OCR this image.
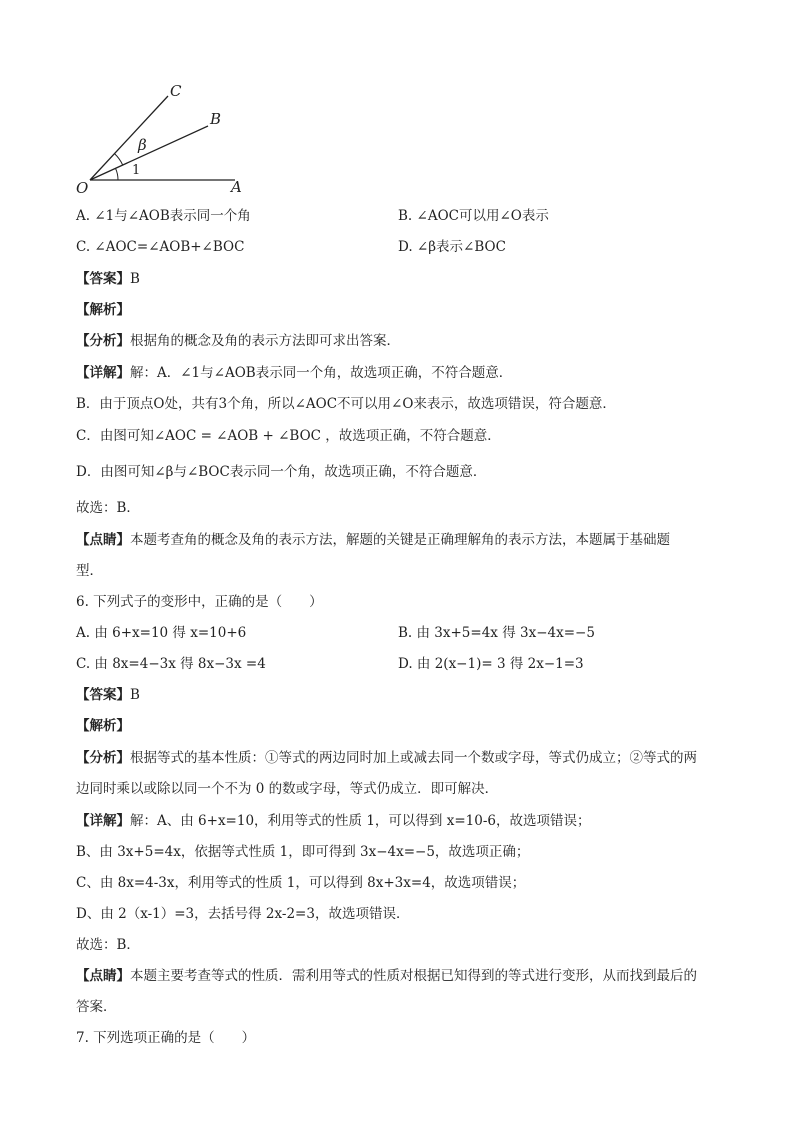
C
B
O	A
β
1
A. ∠1与∠AOB表示同一个角	B. ∠AOC可以用∠O表示
C. ∠AOC=∠AOB+∠BOC	D. ∠β表示∠BOC
【答案】B
【解析】
【分析】根据角的概念及角的表示方法即可求出答案．
【详解】解：A．∠1与∠AOB表示同一个角，故选项正确，不符合题意．
B．由于顶点O处，共有3个角，所以∠AOC不可以用∠O来表示，故选项错误，符合题意．
C．由图可知∠AOC = ∠AOB + ∠BOC ，故选项正确，不符合题意．
D．由图可知∠β与∠BOC表示同一个角，故选项正确，不符合题意．
故选：B．
【点睛】本题考查角的概念及角的表示方法，解题的关键是正确理解角的表示方法，本题属于基础题
型．
6. 下列式子的变形中，正确的是（　　）
A. 由 6+x=10 得 x=10+6	B. 由 3x+5=4x 得 3x−4x=−5
C. 由 8x=4−3x 得 8x−3x =4	D. 由 2(x−1)= 3 得 2x−1=3
【答案】B
【解析】
【分析】根据等式的基本性质：①等式的两边同时加上或减去同一个数或字母，等式仍成立；②等式的两
边同时乘以或除以同一个不为 0 的数或字母，等式仍成立．即可解决．
【详解】解：A、由 6+x=10，利用等式的性质 1，可以得到 x=10-6，故选项错误；
B、由 3x+5=4x，依据等式性质 1，即可得到 3x−4x=−5，故选项正确；
C、由 8x=4-3x，利用等式的性质 1，可以得到 8x+3x=4，故选项错误；
D、由 2（x-1）=3，去括号得 2x-2=3，故选项错误．
故选：B．
【点睛】本题主要考查等式的性质．需利用等式的性质对根据已知得到的等式进行变形，从而找到最后的
答案．
7. 下列选项正确的是（　　）
